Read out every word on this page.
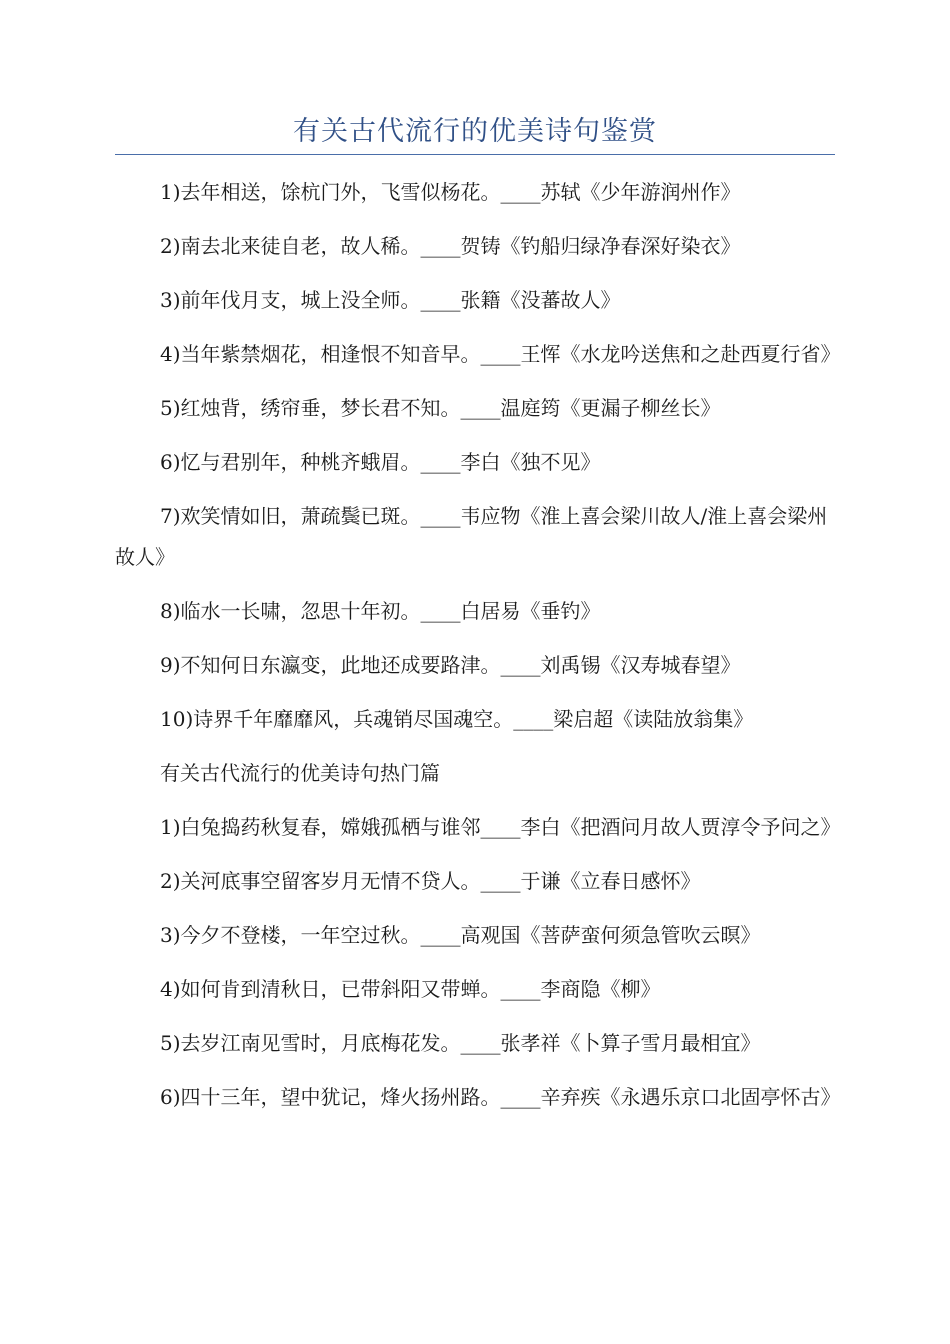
有关古代流行的优美诗句鉴赏

1)去年相送，馀杭门外，飞雪似杨花。____苏轼《少年游润州作》

2)南去北来徒自老，故人稀。____贺铸《钓船归绿净春深好染衣》

3)前年伐月支，城上没全师。____张籍《没蕃故人》

4)当年紫禁烟花，相逢恨不知音早。____王恽《水龙吟送焦和之赴西夏行省》

5)红烛背，绣帘垂，梦长君不知。____温庭筠《更漏子柳丝长》

6)忆与君别年，种桃齐蛾眉。____李白《独不见》

7)欢笑情如旧，萧疏鬓已斑。____韦应物《淮上喜会梁川故人/淮上喜会梁州故人》

8)临水一长啸，忽思十年初。____白居易《垂钓》

9)不知何日东瀛变，此地还成要路津。____刘禹锡《汉寿城春望》

10)诗界千年靡靡风，兵魂销尽国魂空。____梁启超《读陆放翁集》

有关古代流行的优美诗句热门篇

1)白兔捣药秋复春，嫦娥孤栖与谁邻____李白《把酒问月故人贾淳令予问之》

2)关河底事空留客岁月无情不贷人。____于谦《立春日感怀》

3)今夕不登楼，一年空过秋。____高观国《菩萨蛮何须急管吹云暝》

4)如何肯到清秋日，已带斜阳又带蝉。____李商隐《柳》

5)去岁江南见雪时，月底梅花发。____张孝祥《卜算子雪月最相宜》

6)四十三年，望中犹记，烽火扬州路。____辛弃疾《永遇乐京口北固亭怀古》
